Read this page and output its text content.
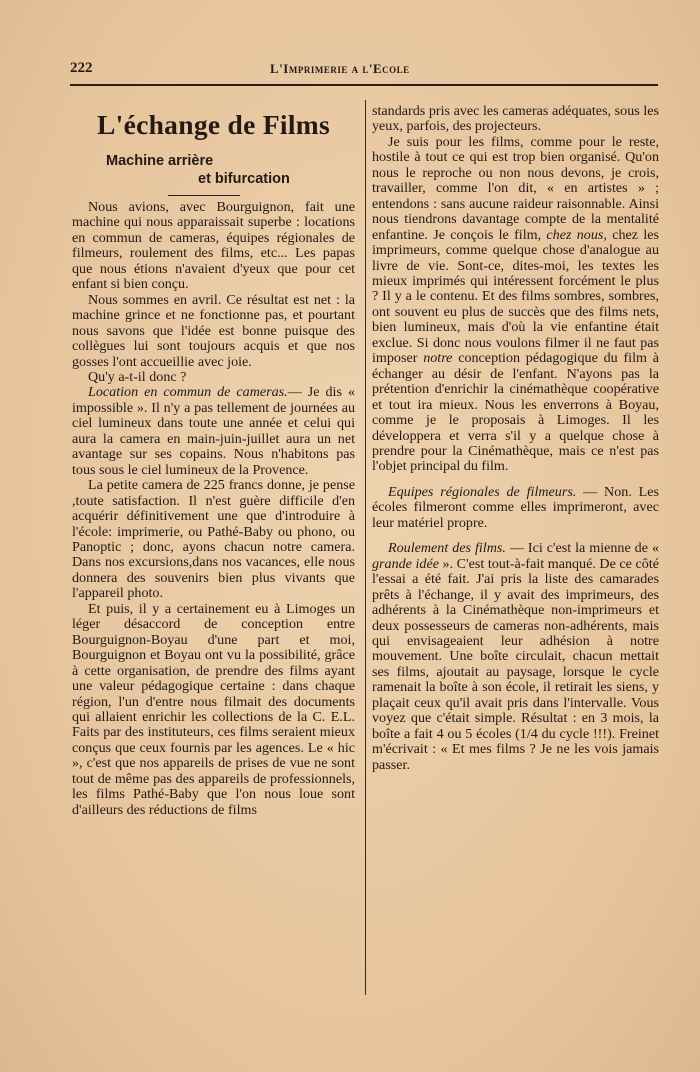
222	L'Imprimerie a l'Ecole
L'échange de Films
Machine arrière
et bifurcation

Nous avions, avec Bourguignon, fait une machine qui nous apparaissait superbe : locations en commun de cameras, équipes régionales de filmeurs, roulement des films, etc... Les papas que nous étions n'avaient d'yeux que pour cet enfant si bien conçu.

Nous sommes en avril. Ce résultat est net : la machine grince et ne fonctionne pas, et pourtant nous savons que l'idée est bonne puisque des collègues lui sont toujours acquis et que nos gosses l'ont accueillie avec joie.

Qu'y a-t-il donc ?

Location en commun de cameras.— Je dis « impossible ». Il n'y a pas tellement de journées au ciel lumineux dans toute une année et celui qui aura la camera en main-juin-juillet aura un net avantage sur ses copains. Nous n'habitons pas tous sous le ciel lumineux de la Provence.

La petite camera de 225 francs donne, je pense ,toute satisfaction. Il n'est guère difficile d'en acquérir définitivement une que d'introduire à l'école: imprimerie, ou Pathé-Baby ou phono, ou Panoptic ; donc, ayons chacun notre camera. Dans nos excursions,dans nos vacances, elle nous donnera des souvenirs bien plus vivants que l'appareil photo.

Et puis, il y a certainement eu à Limoges un léger désaccord de conception entre Bourguignon-Boyau d'une part et moi, Bourguignon et Boyau ont vu la possibilité, grâce à cette organisation, de prendre des films ayant une valeur pédagogique certaine : dans chaque région, l'un d'entre nous filmait des documents qui allaient enrichir les collections de la C. E.L. Faits par des instituteurs, ces films seraient mieux conçus que ceux fournis par les agences. Le « hic », c'est que nos appareils de prises de vue ne sont tout de même pas des appareils de professionnels, les films Pathé-Baby que l'on nous loue sont d'ailleurs des réductions de films

standards pris avec les cameras adéquates, sous les yeux, parfois, des projecteurs.

Je suis pour les films, comme pour le reste, hostile à tout ce qui est trop bien organisé. Qu'on nous le reproche ou non nous devons, je crois, travailler, comme l'on dit, « en artistes » ; entendons : sans aucune raideur raisonnable. Ainsi nous tiendrons davantage compte de la mentalité enfantine. Je conçois le film, chez nous, chez les imprimeurs, comme quelque chose d'analogue au livre de vie. Sont-ce, dites-moi, les textes les mieux imprimés qui intéressent forcément le plus ? Il y a le contenu. Et des films sombres, sombres, ont souvent eu plus de succès que des films nets, bien lumineux, mais d'où la vie enfantine était exclue. Si donc nous voulons filmer il ne faut pas imposer notre conception pédagogique du film à échanger au désir de l'enfant. N'ayons pas la prétention d'enrichir la cinémathèque coopérative et tout ira mieux. Nous les enverrons à Boyau, comme je le proposais à Limoges. Il les développera et verra s'il y a quelque chose à prendre pour la Cinémathèque, mais ce n'est pas l'objet principal du film.

Equipes régionales de filmeurs. — Non. Les écoles filmeront comme elles imprimeront, avec leur matériel propre.

Roulement des films. — Ici c'est la mienne de « grande idée ». C'est tout-à-fait manqué. De ce côté l'essai a été fait. J'ai pris la liste des camarades prêts à l'échange, il y avait des imprimeurs, des adhérents à la Cinémathèque non-imprimeurs et deux possesseurs de cameras non-adhérents, mais qui envisageaient leur adhésion à notre mouvement. Une boîte circulait, chacun mettait ses films, ajoutait au paysage, lorsque le cycle ramenait la boîte à son école, il retirait les siens, y plaçait ceux qu'il avait pris dans l'intervalle. Vous voyez que c'était simple. Résultat : en 3 mois, la boîte a fait 4 ou 5 écoles (1/4 du cycle !!!). Freinet m'écrivait : « Et mes films ? Je ne les vois jamais passer.
